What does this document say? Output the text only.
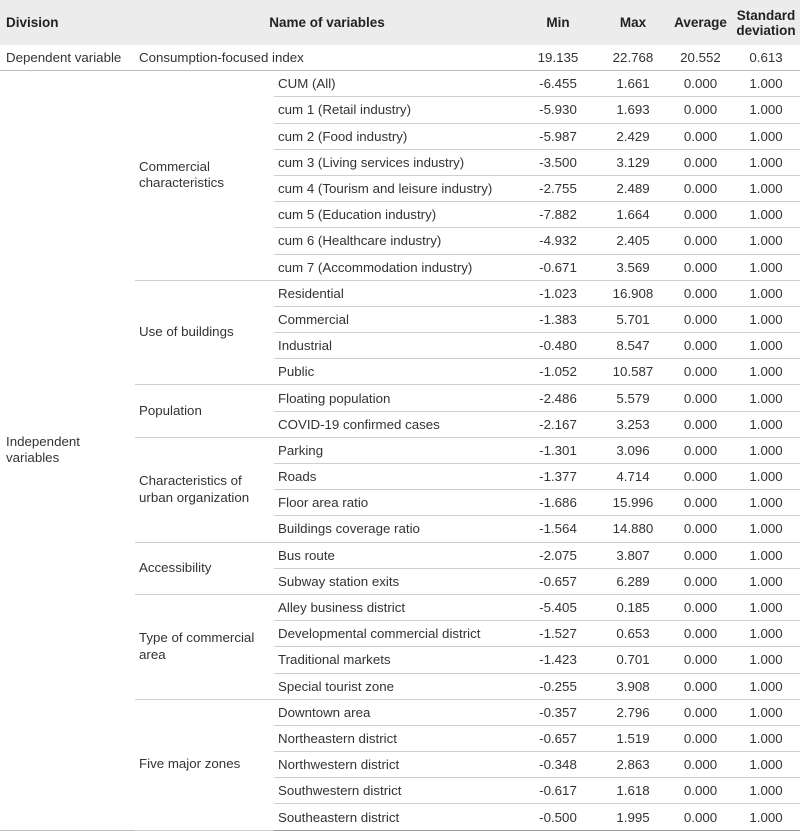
Division	Name of variables		Min	Max	Average	Standard deviation
Dependent variable	Consumption-focused index		19.135	22.768	20.552	0.613
Independent variables	Commercial characteristics	CUM (All)	-6.455	1.661	0.000	1.000
		cum 1 (Retail industry)	-5.930	1.693	0.000	1.000
		cum 2 (Food industry)	-5.987	2.429	0.000	1.000
		cum 3 (Living services industry)	-3.500	3.129	0.000	1.000
		cum 4 (Tourism and leisure industry)	-2.755	2.489	0.000	1.000
		cum 5 (Education industry)	-7.882	1.664	0.000	1.000
		cum 6 (Healthcare industry)	-4.932	2.405	0.000	1.000
		cum 7 (Accommodation industry)	-0.671	3.569	0.000	1.000
	Use of buildings	Residential	-1.023	16.908	0.000	1.000
		Commercial	-1.383	5.701	0.000	1.000
		Industrial	-0.480	8.547	0.000	1.000
		Public	-1.052	10.587	0.000	1.000
	Population	Floating population	-2.486	5.579	0.000	1.000
		COVID-19 confirmed cases	-2.167	3.253	0.000	1.000
	Characteristics of urban organization	Parking	-1.301	3.096	0.000	1.000
		Roads	-1.377	4.714	0.000	1.000
		Floor area ratio	-1.686	15.996	0.000	1.000
		Buildings coverage ratio	-1.564	14.880	0.000	1.000
	Accessibility	Bus route	-2.075	3.807	0.000	1.000
		Subway station exits	-0.657	6.289	0.000	1.000
	Type of commercial area	Alley business district	-5.405	0.185	0.000	1.000
		Developmental commercial district	-1.527	0.653	0.000	1.000
		Traditional markets	-1.423	0.701	0.000	1.000
		Special tourist zone	-0.255	3.908	0.000	1.000
	Five major zones	Downtown area	-0.357	2.796	0.000	1.000
		Northeastern district	-0.657	1.519	0.000	1.000
		Northwestern district	-0.348	2.863	0.000	1.000
		Southwestern district	-0.617	1.618	0.000	1.000
		Southeastern district	-0.500	1.995	0.000	1.000
